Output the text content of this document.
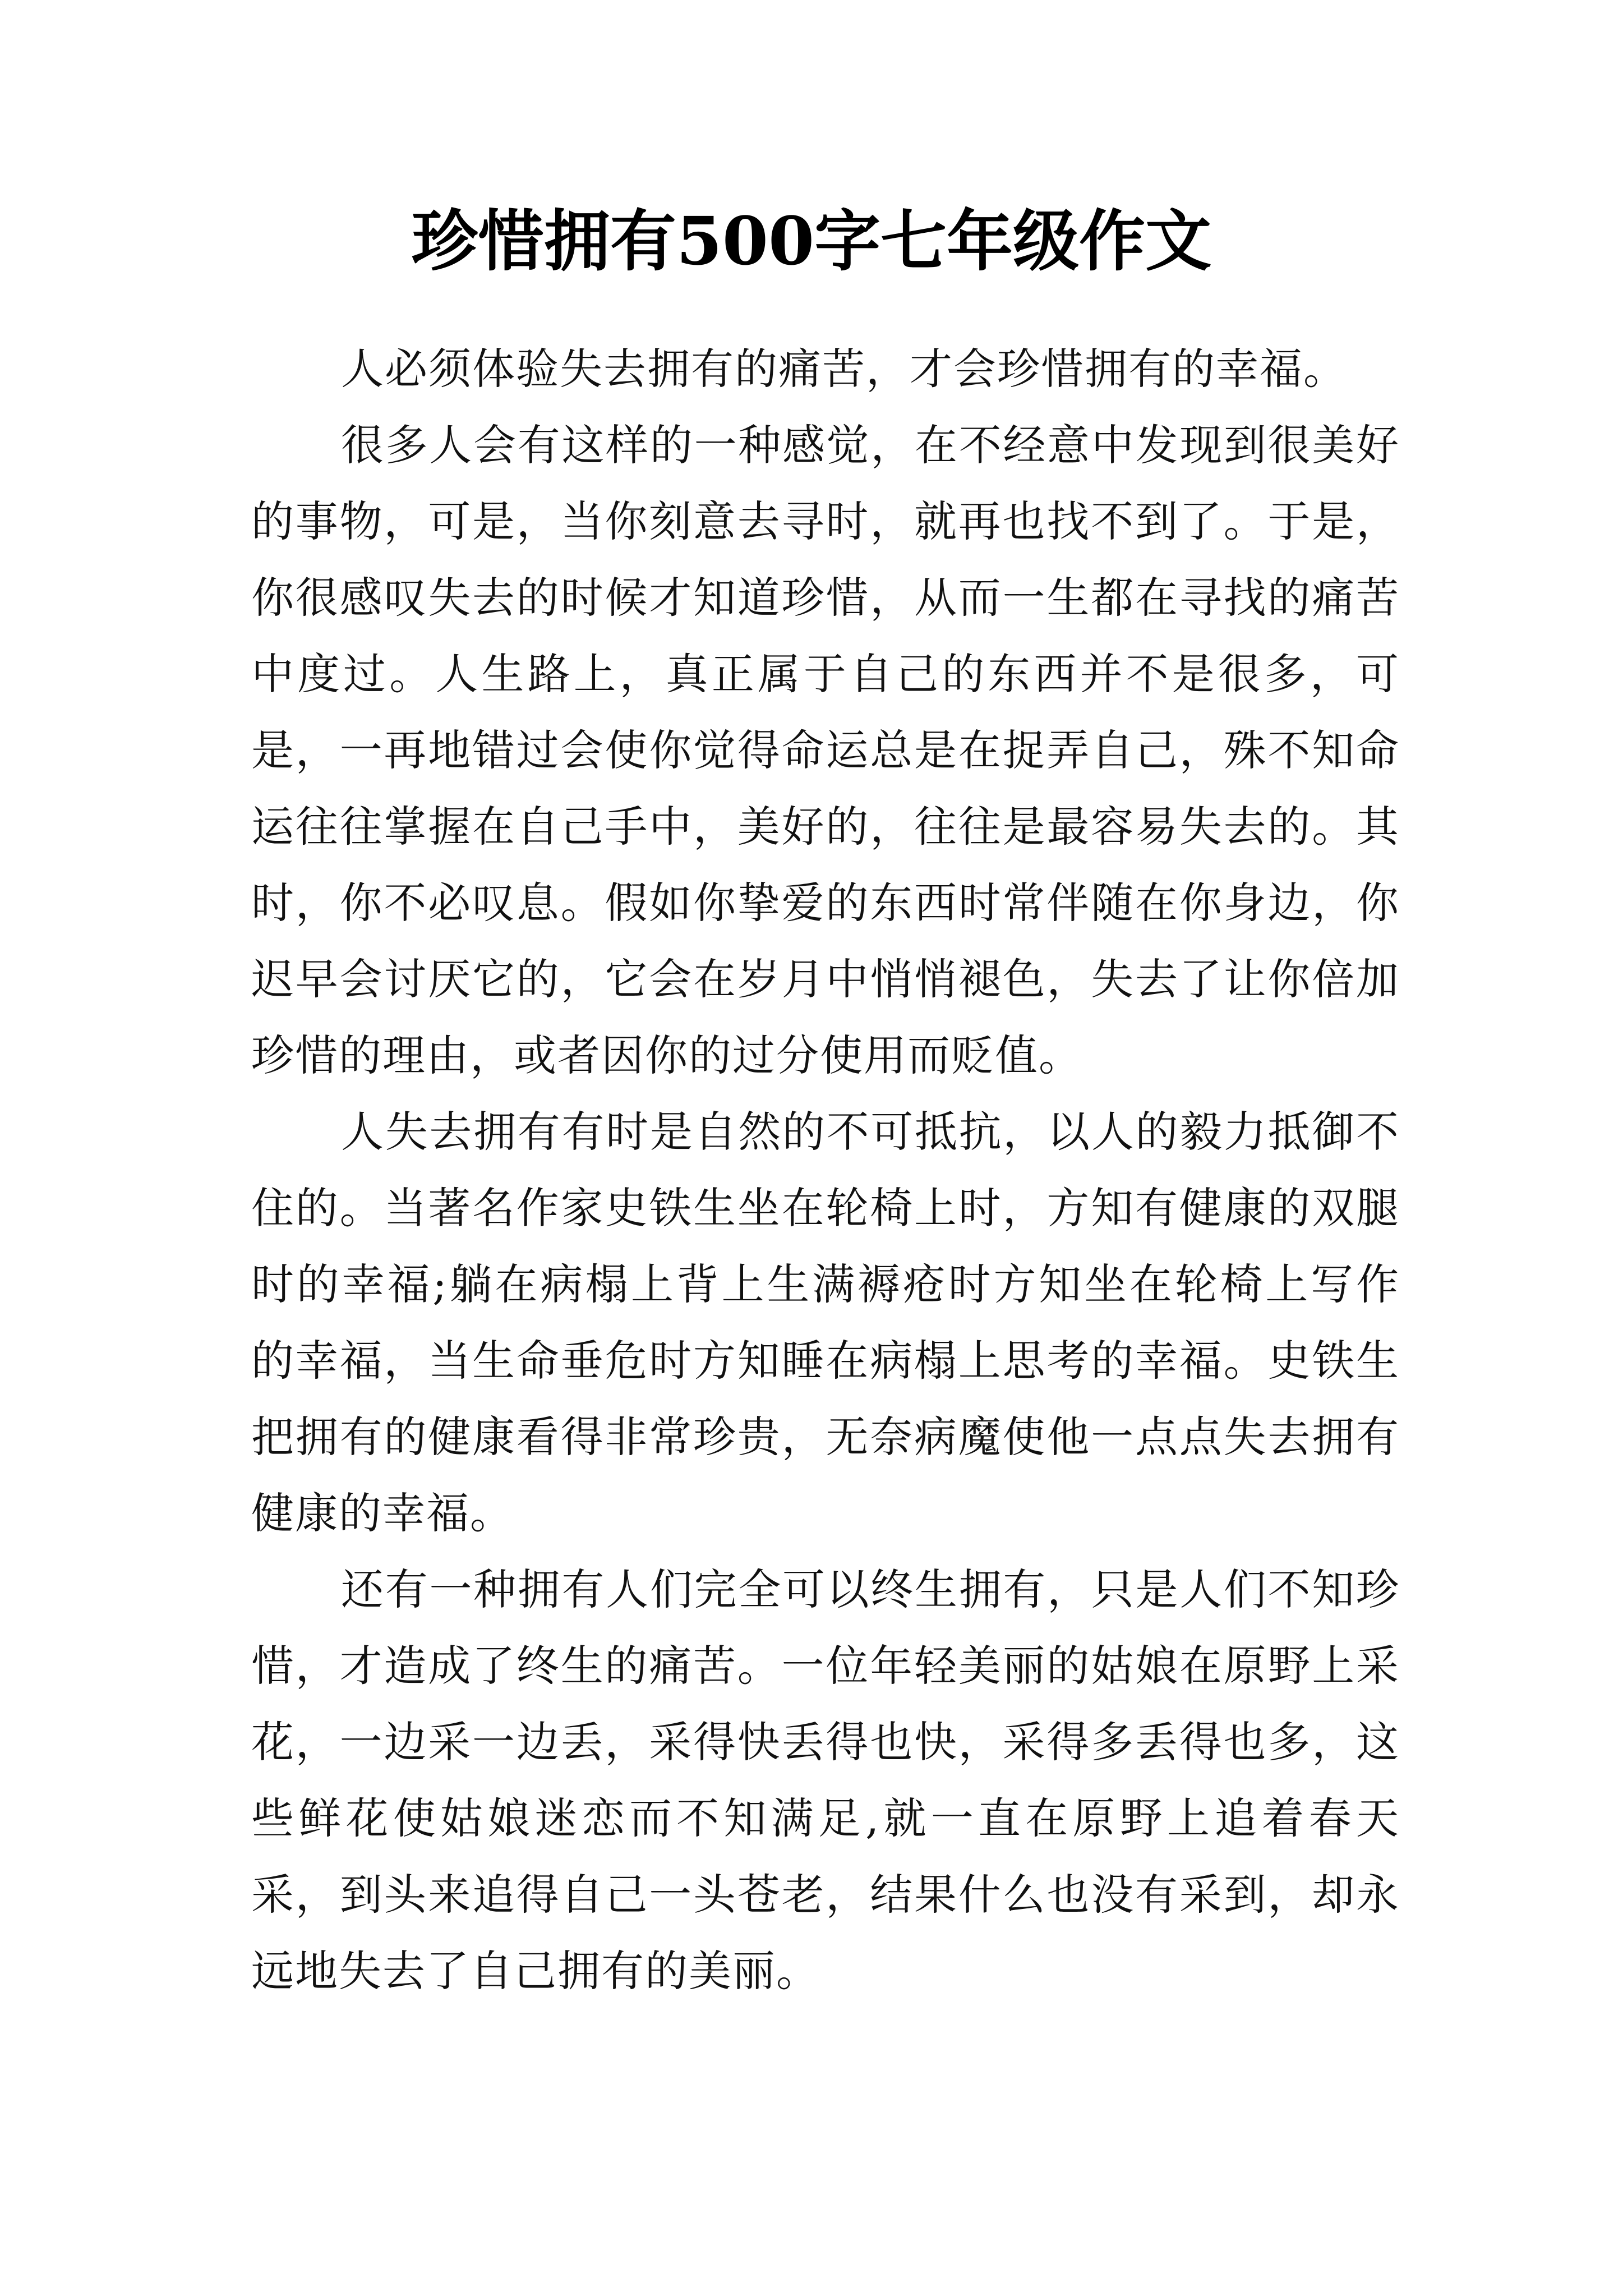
珍惜拥有500字七年级作文

人必须体验失去拥有的痛苦，才会珍惜拥有的幸福。

很多人会有这样的一种感觉，在不经意中发现到很美好的事物，可是，当你刻意去寻时，就再也找不到了。于是，你很感叹失去的时候才知道珍惜，从而一生都在寻找的痛苦中度过。人生路上，真正属于自己的东西并不是很多，可是，一再地错过会使你觉得命运总是在捉弄自己，殊不知命运往往掌握在自己手中，美好的，往往是最容易失去的。其时，你不必叹息。假如你挚爱的东西时常伴随在你身边，你迟早会讨厌它的，它会在岁月中悄悄褪色，失去了让你倍加珍惜的理由，或者因你的过分使用而贬值。

人失去拥有有时是自然的不可抵抗，以人的毅力抵御不住的。当著名作家史铁生坐在轮椅上时，方知有健康的双腿时的幸福;躺在病榻上背上生满褥疮时方知坐在轮椅上写作的幸福，当生命垂危时方知睡在病榻上思考的幸福。史铁生把拥有的健康看得非常珍贵，无奈病魔使他一点点失去拥有健康的幸福。

还有一种拥有人们完全可以终生拥有，只是人们不知珍惜，才造成了终生的痛苦。一位年轻美丽的姑娘在原野上采花，一边采一边丢，采得快丢得也快，采得多丢得也多，这些鲜花使姑娘迷恋而不知满足,就一直在原野上追着春天采，到头来追得自己一头苍老，结果什么也没有采到，却永远地失去了自己拥有的美丽。
